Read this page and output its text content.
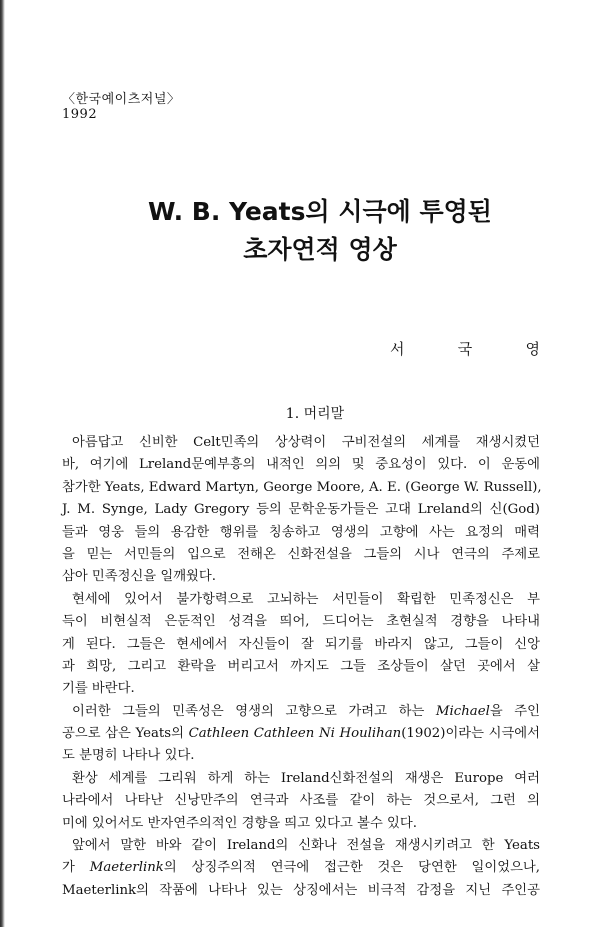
〈한국예이츠저널〉
1992
W. B. Yeats의 시극에 투영된
초자연적 영상
서	국	영
1. 머리말
아름답고 신비한 Celt민족의 상상력이 구비전설의 세계를 재생시켰던
바, 여기에 Lreland문예부흥의 내적인 의의 및 중요성이 있다. 이 운동에
참가한 Yeats, Edward Martyn, George Moore, A. E. (George W. Russell),
J. M. Synge, Lady Gregory 등의 문학운동가들은 고대 Lreland의 신(God)
들과 영웅 들의 용감한 행위를 칭송하고 영생의 고향에 사는 요정의 매력
을 믿는 서민들의 입으로 전해온 신화전설을 그들의 시나 연극의 주제로
삼아 민족정신을 일깨웠다.
현세에 있어서 불가항력으로 고뇌하는 서민들이 확립한 민족정신은 부
득이 비현실적 은둔적인 성격을 띄어, 드디어는 초현실적 경향을 나타내
게 된다. 그들은 현세에서 자신들이 잘 되기를 바라지 않고, 그들이 신앙
과 희망, 그리고 환락을 버리고서 까지도 그들 조상들이 살던 곳에서 살
기를 바란다.
이러한 그들의 민족성은 영생의 고향으로 가려고 하는 Michael을 주인
공으로 삼은 Yeats의 Cathleen Cathleen Ni Houlihan(1902)이라는 시극에서
도 분명히 나타나 있다.
환상 세계를 그리워 하게 하는 Ireland신화전설의 재생은 Europe 여러
나라에서 나타난 신낭만주의 연극과 사조를 같이 하는 것으로서, 그런 의
미에 있어서도 반자연주의적인 경향을 띄고 있다고 볼수 있다.
앞에서 말한 바와 같이 Ireland의 신화나 전설을 재생시키려고 한 Yeats
가 Maeterlink의 상징주의적 연극에 접근한 것은 당연한 일이었으나,
Maeterlink의 작품에 나타나 있는 상징에서는 비극적 감정을 지닌 주인공
